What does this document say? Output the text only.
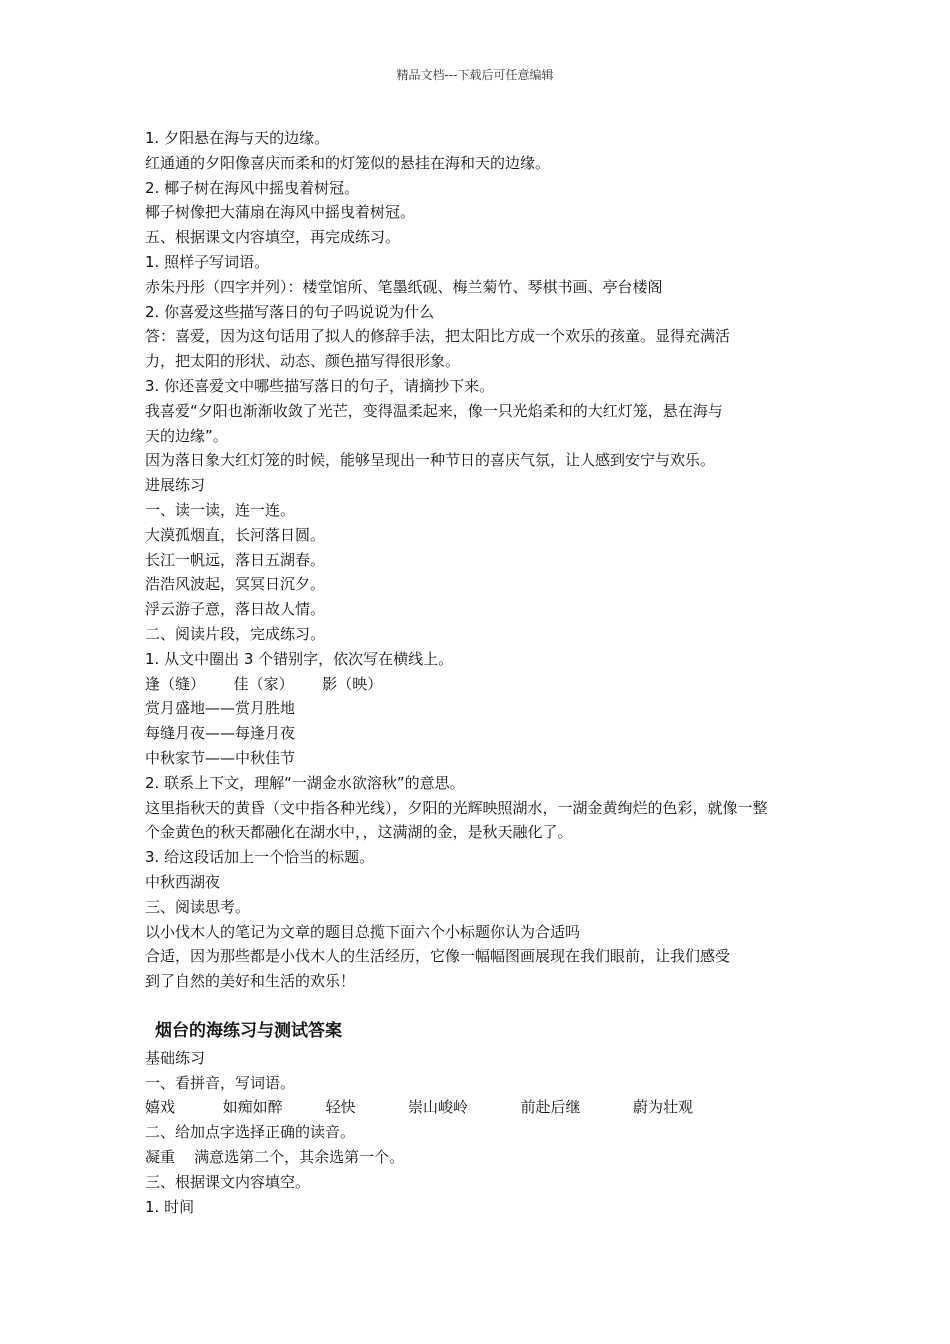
精品文档---下载后可任意编辑
1. 夕阳悬在海与天的边缘。
红通通的夕阳像喜庆而柔和的灯笼似的悬挂在海和天的边缘。
2. 椰子树在海风中摇曳着树冠。
椰子树像把大蒲扇在海风中摇曳着树冠。
五、根据课文内容填空，再完成练习。
1. 照样子写词语。
赤朱丹彤（四字并列）：楼堂馆所、笔墨纸砚、梅兰菊竹、琴棋书画、亭台楼阁
2. 你喜爱这些描写落日的句子吗说说为什么
答：喜爱，因为这句话用了拟人的修辞手法，把太阳比方成一个欢乐的孩童。显得充满活
力，把太阳的形状、动态、颜色描写得很形象。
3. 你还喜爱文中哪些描写落日的句子，请摘抄下来。
我喜爱“夕阳也渐渐收敛了光芒，变得温柔起来，像一只光焰柔和的大红灯笼，悬在海与
天的边缘”。
因为落日象大红灯笼的时候，能够呈现出一种节日的喜庆气氛，让人感到安宁与欢乐。
进展练习
一、读一读，连一连。
大漠孤烟直，长河落日圆。
长江一帆远，落日五湖春。
浩浩风波起，冥冥日沉夕。
浮云游子意，落日故人情。
二、阅读片段，完成练习。
1. 从文中圈出 3 个错别字，依次写在横线上。
逢（缝）      佳（家）      影（映）
赏月盛地——赏月胜地
每缝月夜——每逢月夜
中秋家节——中秋佳节
2. 联系上下文，理解“一湖金水欲溶秋”的意思。
这里指秋天的黄昏（文中指各种光线），夕阳的光辉映照湖水，一湖金黄绚烂的色彩，就像一整
个金黄色的秋天都融化在湖水中，，这满湖的金，是秋天融化了。
3. 给这段话加上一个恰当的标题。
中秋西湖夜
三、阅读思考。
以小伐木人的笔记为文章的题目总揽下面六个小标题你认为合适吗
合适，因为那些都是小伐木人的生活经历，它像一幅幅图画展现在我们眼前，让我们感受
到了自然的美好和生活的欢乐！
烟台的海练习与测试答案
基础练习
一、看拼音，写词语。
嬉戏          如痴如醉         轻快           崇山峻岭           前赴后继           蔚为壮观
二、给加点字选择正确的读音。
凝重    满意选第二个，其余选第一个。
三、根据课文内容填空。
1. 时间
